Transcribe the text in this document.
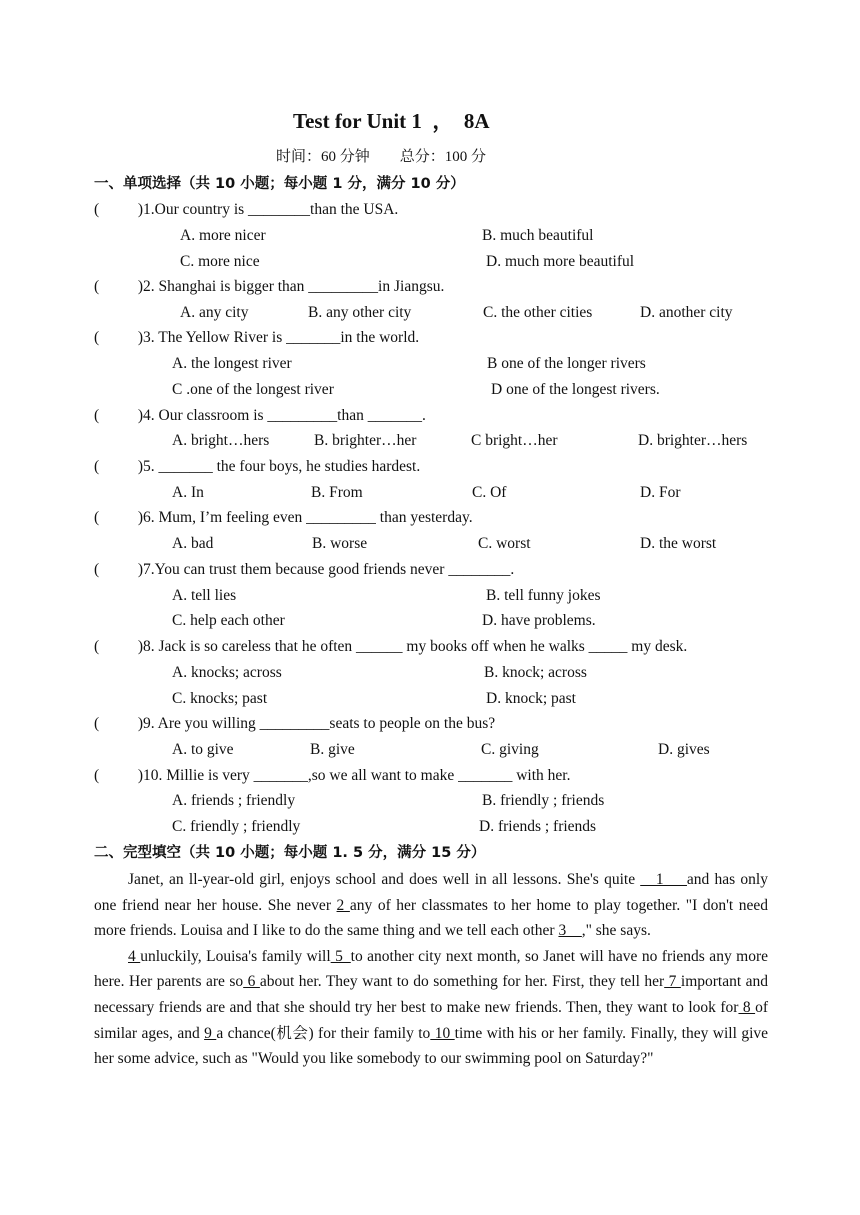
Test for Unit 1  ，  8A
时间：60 分钟        总分：100 分
一、单项选择（共 10 小题；每小题 1 分，满分 10 分）
(          ) 1.Our country is ________than the USA.
A. more nicer	B. much beautiful
C. more nice	D. much more beautiful
(          ) 2. Shanghai is bigger than _________in Jiangsu.
A. any city	B. any other city	C. the other cities	D. another city
(          ) 3. The Yellow River is _______in the world.
A. the longest river	B one of the longer rivers
C .one of the longest river	D one of the longest rivers.
(          ) 4. Our classroom is _________than _______.
A. bright…hers	B. brighter…her	C bright…her	D. brighter…hers
(          ) 5. _______ the four boys, he studies hardest.
A. In	B. From	C. Of	D. For
(          ) 6. Mum, I’m feeling even _________ than yesterday.
A. bad	B. worse	C. worst	D. the worst
(          ) 7.You can trust them because good friends never ________.
A. tell lies	B. tell funny jokes
C. help each other	D. have problems.
(          ) 8. Jack is so careless that he often ______ my books off when he walks _____ my desk.
A. knocks; across	B. knock; across
C. knocks; past	D. knock; past
(          ) 9. Are you willing _________seats to people on the bus?
A. to give	B. give	C. giving	D. gives
(          ) 10. Millie is very _______,so we all want to make _______ with her.
A. friends ; friendly	B. friendly ; friends
C. friendly ; friendly	D. friends ; friends
二、完型填空（共 10 小题；每小题 1. 5 分，满分 15 分）

Janet, an ll-year-old girl, enjoys school and does well in all lessons. She's quite __1___and has only one friend near her house. She never 2 any of her classmates to her home to play together. "I don't need more friends. Louisa and I like to do the same thing and we tell each other 3__," she says.

4 unluckily, Louisa's family will 5_to another city next month, so Janet will have no friends any more here. Her parents are so 6 about her. They want to do something for her. First, they tell her 7 important and necessary friends are and that she should try her best to make new friends. Then, they want to look for 8 of similar ages, and 9 a chance(机会) for their family to 10 time with his or her family. Finally, they will give her some advice, such as "Would you like somebody to our swimming pool on Saturday?"
